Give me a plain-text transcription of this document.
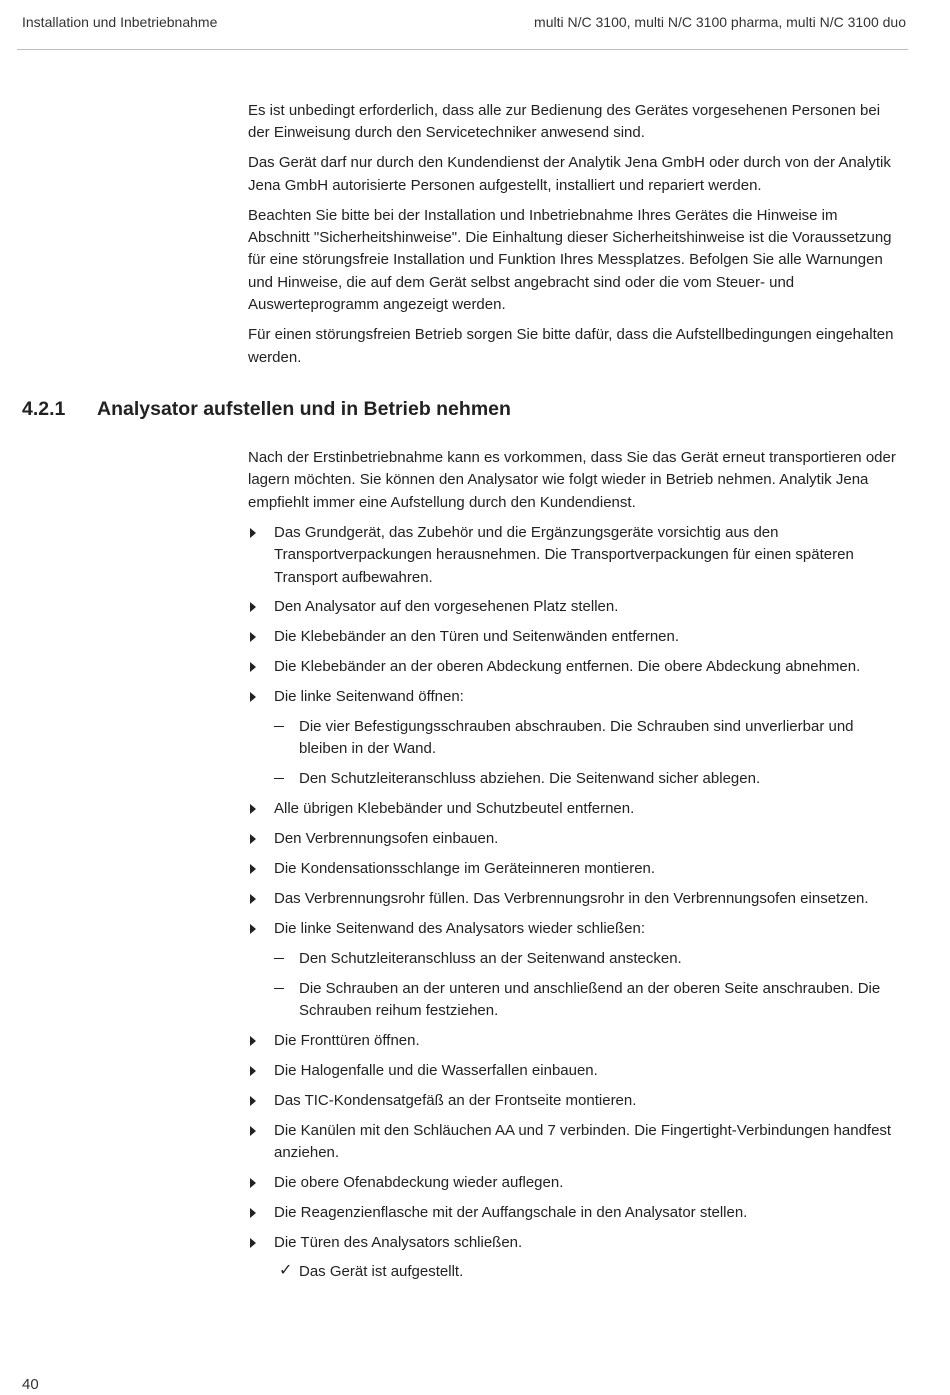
Installation und Inbetriebnahme	multi N/C 3100, multi N/C 3100 pharma, multi N/C 3100 duo

Es ist unbedingt erforderlich, dass alle zur Bedienung des Gerätes vorgesehenen Personen bei der Einweisung durch den Servicetechniker anwesend sind.

Das Gerät darf nur durch den Kundendienst der Analytik Jena GmbH oder durch von der Analytik Jena GmbH autorisierte Personen aufgestellt, installiert und repariert werden.

Beachten Sie bitte bei der Installation und Inbetriebnahme Ihres Gerätes die Hinweise im Abschnitt "Sicherheitshinweise". Die Einhaltung dieser Sicherheitshinweise ist die Voraussetzung für eine störungsfreie Installation und Funktion Ihres Messplatzes. Befolgen Sie alle Warnungen und Hinweise, die auf dem Gerät selbst angebracht sind oder die vom Steuer- und Auswerteprogramm angezeigt werden.

Für einen störungsfreien Betrieb sorgen Sie bitte dafür, dass die Aufstellbedingungen eingehalten werden.

4.2.1	Analysator aufstellen und in Betrieb nehmen

Nach der Erstinbetriebnahme kann es vorkommen, dass Sie das Gerät erneut transportieren oder lagern möchten. Sie können den Analysator wie folgt wieder in Betrieb nehmen. Analytik Jena empfiehlt immer eine Aufstellung durch den Kundendienst.

Das Grundgerät, das Zubehör und die Ergänzungsgeräte vorsichtig aus den Transportverpackungen herausnehmen. Die Transportverpackungen für einen späteren Transport aufbewahren.
Den Analysator auf den vorgesehenen Platz stellen.
Die Klebebänder an den Türen und Seitenwänden entfernen.
Die Klebebänder an der oberen Abdeckung entfernen. Die obere Abdeckung abnehmen.
Die linke Seitenwand öffnen:
Die vier Befestigungsschrauben abschrauben. Die Schrauben sind unverlierbar und bleiben in der Wand.
Den Schutzleiteranschluss abziehen. Die Seitenwand sicher ablegen.
Alle übrigen Klebebänder und Schutzbeutel entfernen.
Den Verbrennungsofen einbauen.
Die Kondensationsschlange im Geräteinneren montieren.
Das Verbrennungsrohr füllen. Das Verbrennungsrohr in den Verbrennungsofen einsetzen.
Die linke Seitenwand des Analysators wieder schließen:
Den Schutzleiteranschluss an der Seitenwand anstecken.
Die Schrauben an der unteren und anschließend an der oberen Seite anschrauben. Die Schrauben reihum festziehen.
Die Fronttüren öffnen.
Die Halogenfalle und die Wasserfallen einbauen.
Das TIC-Kondensatgefäß an der Frontseite montieren.
Die Kanülen mit den Schläuchen AA und 7 verbinden. Die Fingertight-Verbindungen handfest anziehen.
Die obere Ofenabdeckung wieder auflegen.
Die Reagenzienflasche mit der Auffangschale in den Analysator stellen.
Die Türen des Analysators schließen.
✓ Das Gerät ist aufgestellt.
40
